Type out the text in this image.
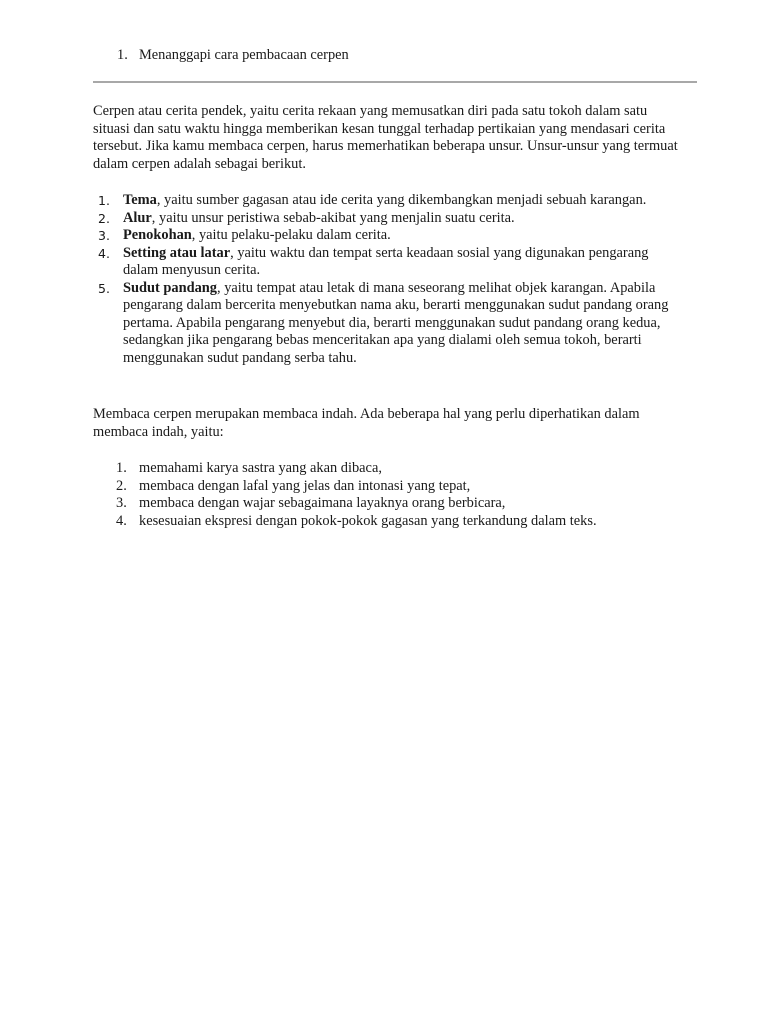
1. Menanggapi cara pembacaan cerpen

Cerpen atau cerita pendek, yaitu cerita rekaan yang memusatkan diri pada satu tokoh dalam satu situasi dan satu waktu hingga memberikan kesan tunggal terhadap pertikaian yang mendasari cerita tersebut. Jika kamu membaca cerpen, harus memerhatikan beberapa unsur. Unsur-unsur yang termuat dalam cerpen adalah sebagai berikut.

1. Tema, yaitu sumber gagasan atau ide cerita yang dikembangkan menjadi sebuah karangan.
2. Alur, yaitu unsur peristiwa sebab-akibat yang menjalin suatu cerita.
3. Penokohan, yaitu pelaku-pelaku dalam cerita.
4. Setting atau latar, yaitu waktu dan tempat serta keadaan sosial yang digunakan pengarang dalam menyusun cerita.
5. Sudut pandang, yaitu tempat atau letak di mana seseorang melihat objek karangan. Apabila pengarang dalam bercerita menyebutkan nama aku, berarti menggunakan sudut pandang orang pertama. Apabila pengarang menyebut dia, berarti menggunakan sudut pandang orang kedua, sedangkan jika pengarang bebas menceritakan apa yang dialami oleh semua tokoh, berarti menggunakan sudut pandang serba tahu.

Membaca cerpen merupakan membaca indah. Ada beberapa hal yang perlu diperhatikan dalam membaca indah, yaitu:

1. memahami karya sastra yang akan dibaca,
2. membaca dengan lafal yang jelas dan intonasi yang tepat,
3. membaca dengan wajar sebagaimana layaknya orang berbicara,
4. kesesuaian ekspresi dengan pokok-pokok gagasan yang terkandung dalam teks.
